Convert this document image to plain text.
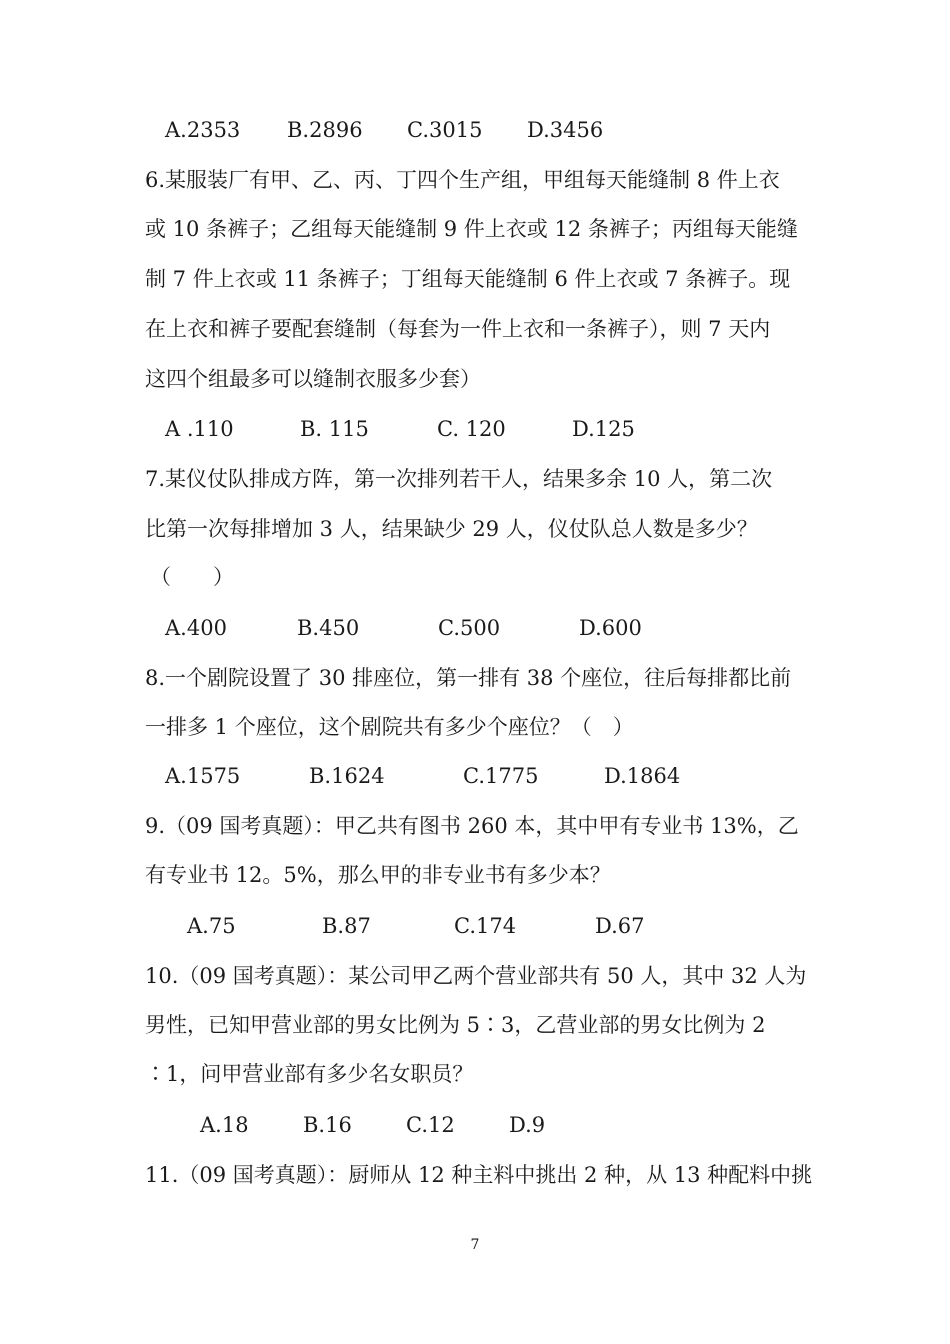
A.2353 B.2896 C.3015 D.3456
6.某服装厂有甲、乙、丙、丁四个生产组，甲组每天能缝制 8 件上衣
或 10 条裤子；乙组每天能缝制 9 件上衣或 12 条裤子；丙组每天能缝
制 7 件上衣或 11 条裤子；丁组每天能缝制 6 件上衣或 7 条裤子。现
在上衣和裤子要配套缝制（每套为一件上衣和一条裤子），则 7 天内
这四个组最多可以缝制衣服多少套）
A .110	B. 115	C. 120	D.125
7.某仪仗队排成方阵，第一次排列若干人，结果多余 10 人，第二次
比第一次每排增加 3 人，结果缺少 29 人，仪仗队总人数是多少？
（　　）
A.400	B.450	C.500	D.600
8.一个剧院设置了 30 排座位，第一排有 38 个座位，往后每排都比前
一排多 1 个座位，这个剧院共有多少个座位？（　）
A.1575	B.1624	C.1775	D.1864
9.（09 国考真题）：甲乙共有图书 260 本，其中甲有专业书 13%，乙
有专业书 12。5%，那么甲的非专业书有多少本？
A.75	B.87	C.174	D.67
10.（09 国考真题）：某公司甲乙两个营业部共有 50 人，其中 32 人为
男性，已知甲营业部的男女比例为 5∶3，乙营业部的男女比例为 2
∶1，问甲营业部有多少名女职员？
A.18	B.16	C.12	D.9
11.（09 国考真题）：厨师从 12 种主料中挑出 2 种，从 13 种配料中挑
7
